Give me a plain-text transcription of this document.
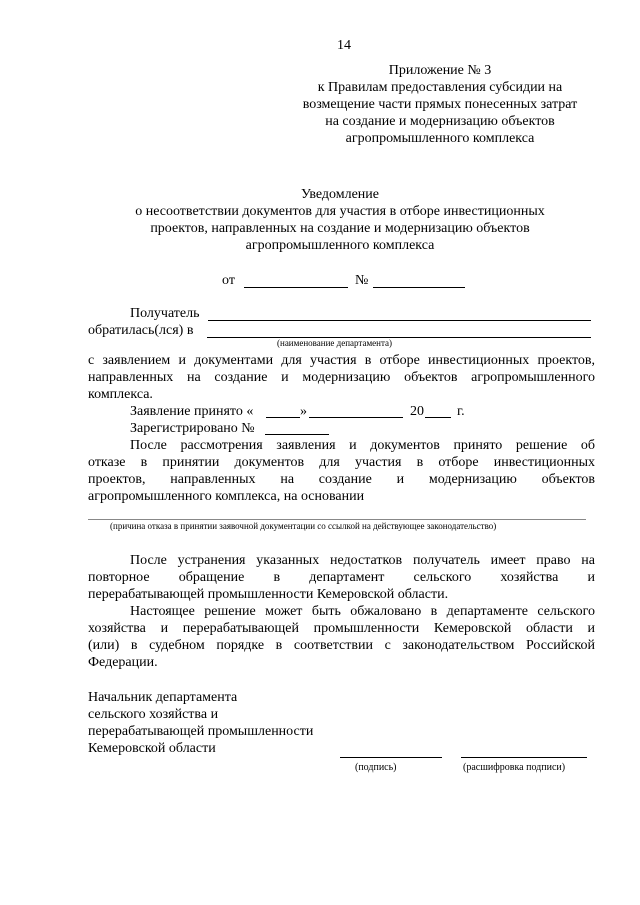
14
Приложение № 3
к Правилам предоставления субсидии на
возмещение части прямых понесенных затрат
на создание и модернизацию объектов
агропромышленного комплекса
Уведомление
о несоответствии документов для участия в отборе инвестиционных
проектов, направленных на создание и модернизацию объектов
агропромышленного комплекса
от	№
Получатель
обратилась(лся) в
(наименование департамента)
с заявлением и документами для участия в отборе инвестиционных проектов,
направленных на создание и модернизацию объектов агропромышленного
комплекса.
Заявление принято «	»	20 г.
Зарегистрировано №
После рассмотрения заявления и документов принято решение об
отказе в принятии документов для участия в отборе инвестиционных
проектов, направленных на создание и модернизацию объектов
агропромышленного комплекса, на основании
(причина отказа в принятии заявочной документации со ссылкой на действующее законодательство)
После устранения указанных недостатков получатель имеет право на
повторное обращение в департамент сельского хозяйства и
перерабатывающей промышленности Кемеровской области.
Настоящее решение может быть обжаловано в департаменте сельского
хозяйства и перерабатывающей промышленности Кемеровской области и
(или) в судебном порядке в соответствии с законодательством Российской
Федерации.
Начальник департамента
сельского хозяйства и
перерабатывающей промышленности
Кемеровской области
(подпись)	(расшифровка подписи)
